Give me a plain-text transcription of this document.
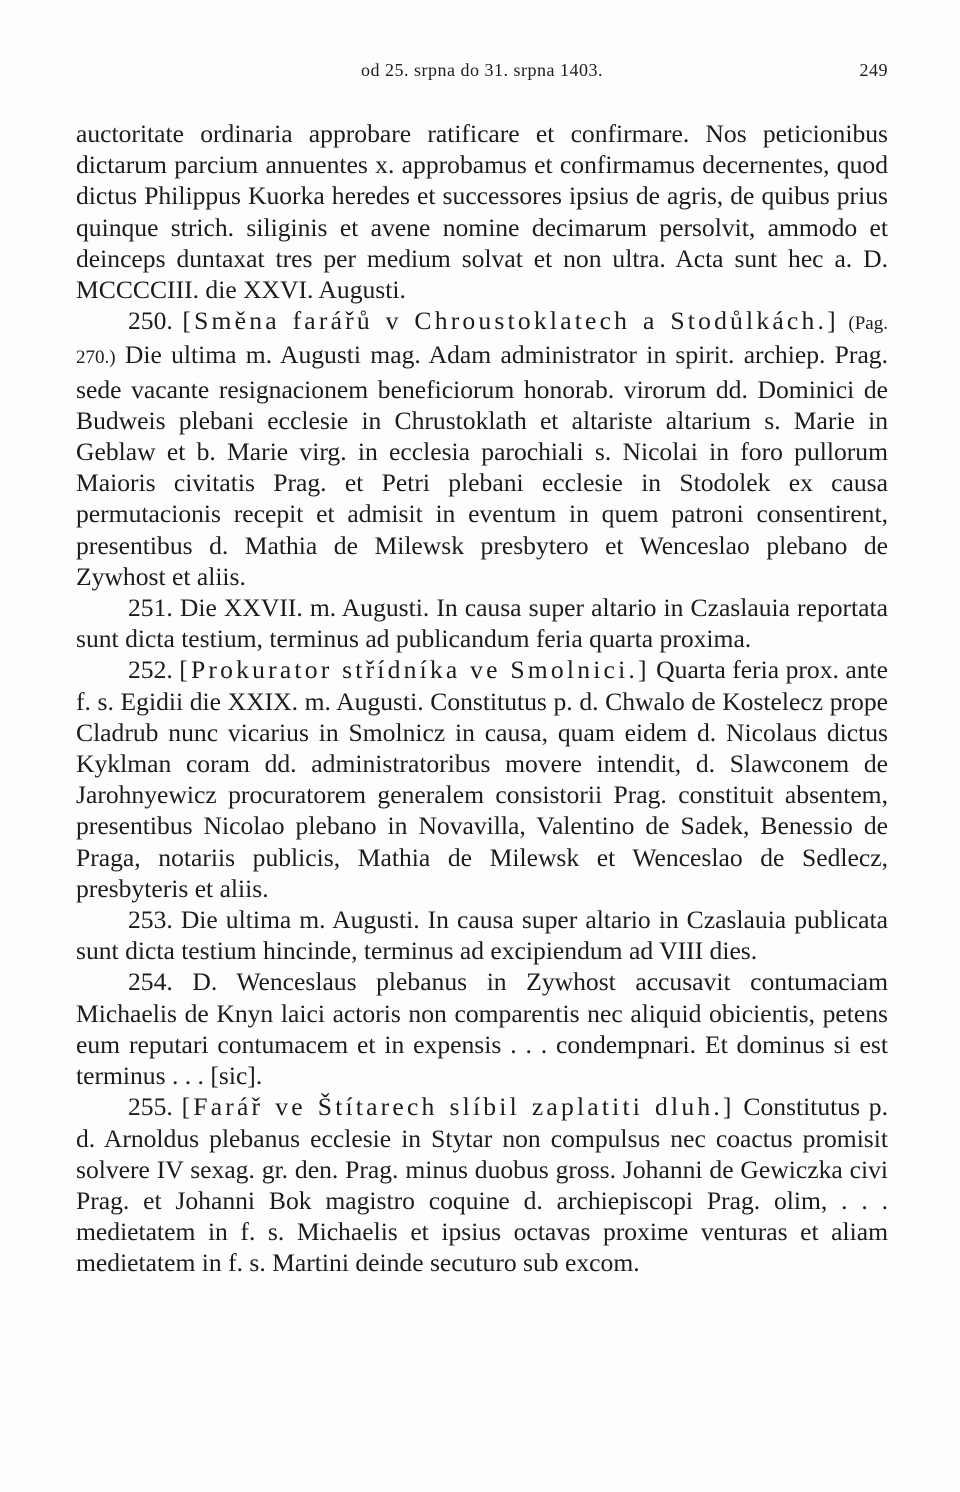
od 25. srpna do 31. srpna 1403.	249

auctoritate ordinaria approbare ratificare et confirmare. Nos peticionibus dictarum parcium annuentes x. approbamus et confirmamus decernentes, quod dictus Philippus Kuorka heredes et successores ipsius de agris, de quibus prius quinque strich. siliginis et avene nomine decimarum persolvit, ammodo et deinceps duntaxat tres per medium solvat et non ultra. Acta sunt hec a. D. MCCCCIII. die XXVI. Augusti.

250. [Směna farářů v Chroustoklatech a Stodůlkách.] (Pag. 270.) Die ultima m. Augusti mag. Adam administrator in spirit. archiep. Prag. sede vacante resignacionem beneficiorum honorab. virorum dd. Dominici de Budweis plebani ecclesie in Chrustoklath et altariste altarium s. Marie in Geblaw et b. Marie virg. in ecclesia parochiali s. Nicolai in foro pullorum Maioris civitatis Prag. et Petri plebani ecclesie in Stodolek ex causa permutacionis recepit et admisit in eventum in quem patroni consentirent, presentibus d. Mathia de Milewsk presbytero et Wenceslao plebano de Zywhost et aliis.

251. Die XXVII. m. Augusti. In causa super altario in Czaslauia reportata sunt dicta testium, terminus ad publicandum feria quarta proxima.

252. [Prokurator střídníka ve Smolnici.] Quarta feria prox. ante f. s. Egidii die XXIX. m. Augusti. Constitutus p. d. Chwalo de Kostelecz prope Cladrub nunc vicarius in Smolnicz in causa, quam eidem d. Nicolaus dictus Kyklman coram dd. administratoribus movere intendit, d. Slawconem de Jarohnyewicz procuratorem generalem consistorii Prag. constituit absentem, presentibus Nicolao plebano in Novavilla, Valentino de Sadek, Benessio de Praga, notariis publicis, Mathia de Milewsk et Wenceslao de Sedlecz, presbyteris et aliis.

253. Die ultima m. Augusti. In causa super altario in Czaslauia publicata sunt dicta testium hincinde, terminus ad excipiendum ad VIII dies.

254. D. Wenceslaus plebanus in Zywhost accusavit contumaciam Michaelis de Knyn laici actoris non comparentis nec aliquid obicientis, petens eum reputari contumacem et in expensis . . . condempnari. Et dominus si est terminus . . . [sic].

255. [Farář ve Štítarech slíbil zaplatiti dluh.] Constitutus p. d. Arnoldus plebanus ecclesie in Stytar non compulsus nec coactus promisit solvere IV sexag. gr. den. Prag. minus duobus gross. Johanni de Gewiczka civi Prag. et Johanni Bok magistro coquine d. archiepiscopi Prag. olim, . . . medietatem in f. s. Michaelis et ipsius octavas proxime venturas et aliam medietatem in f. s. Martini deinde secuturo sub excom.
